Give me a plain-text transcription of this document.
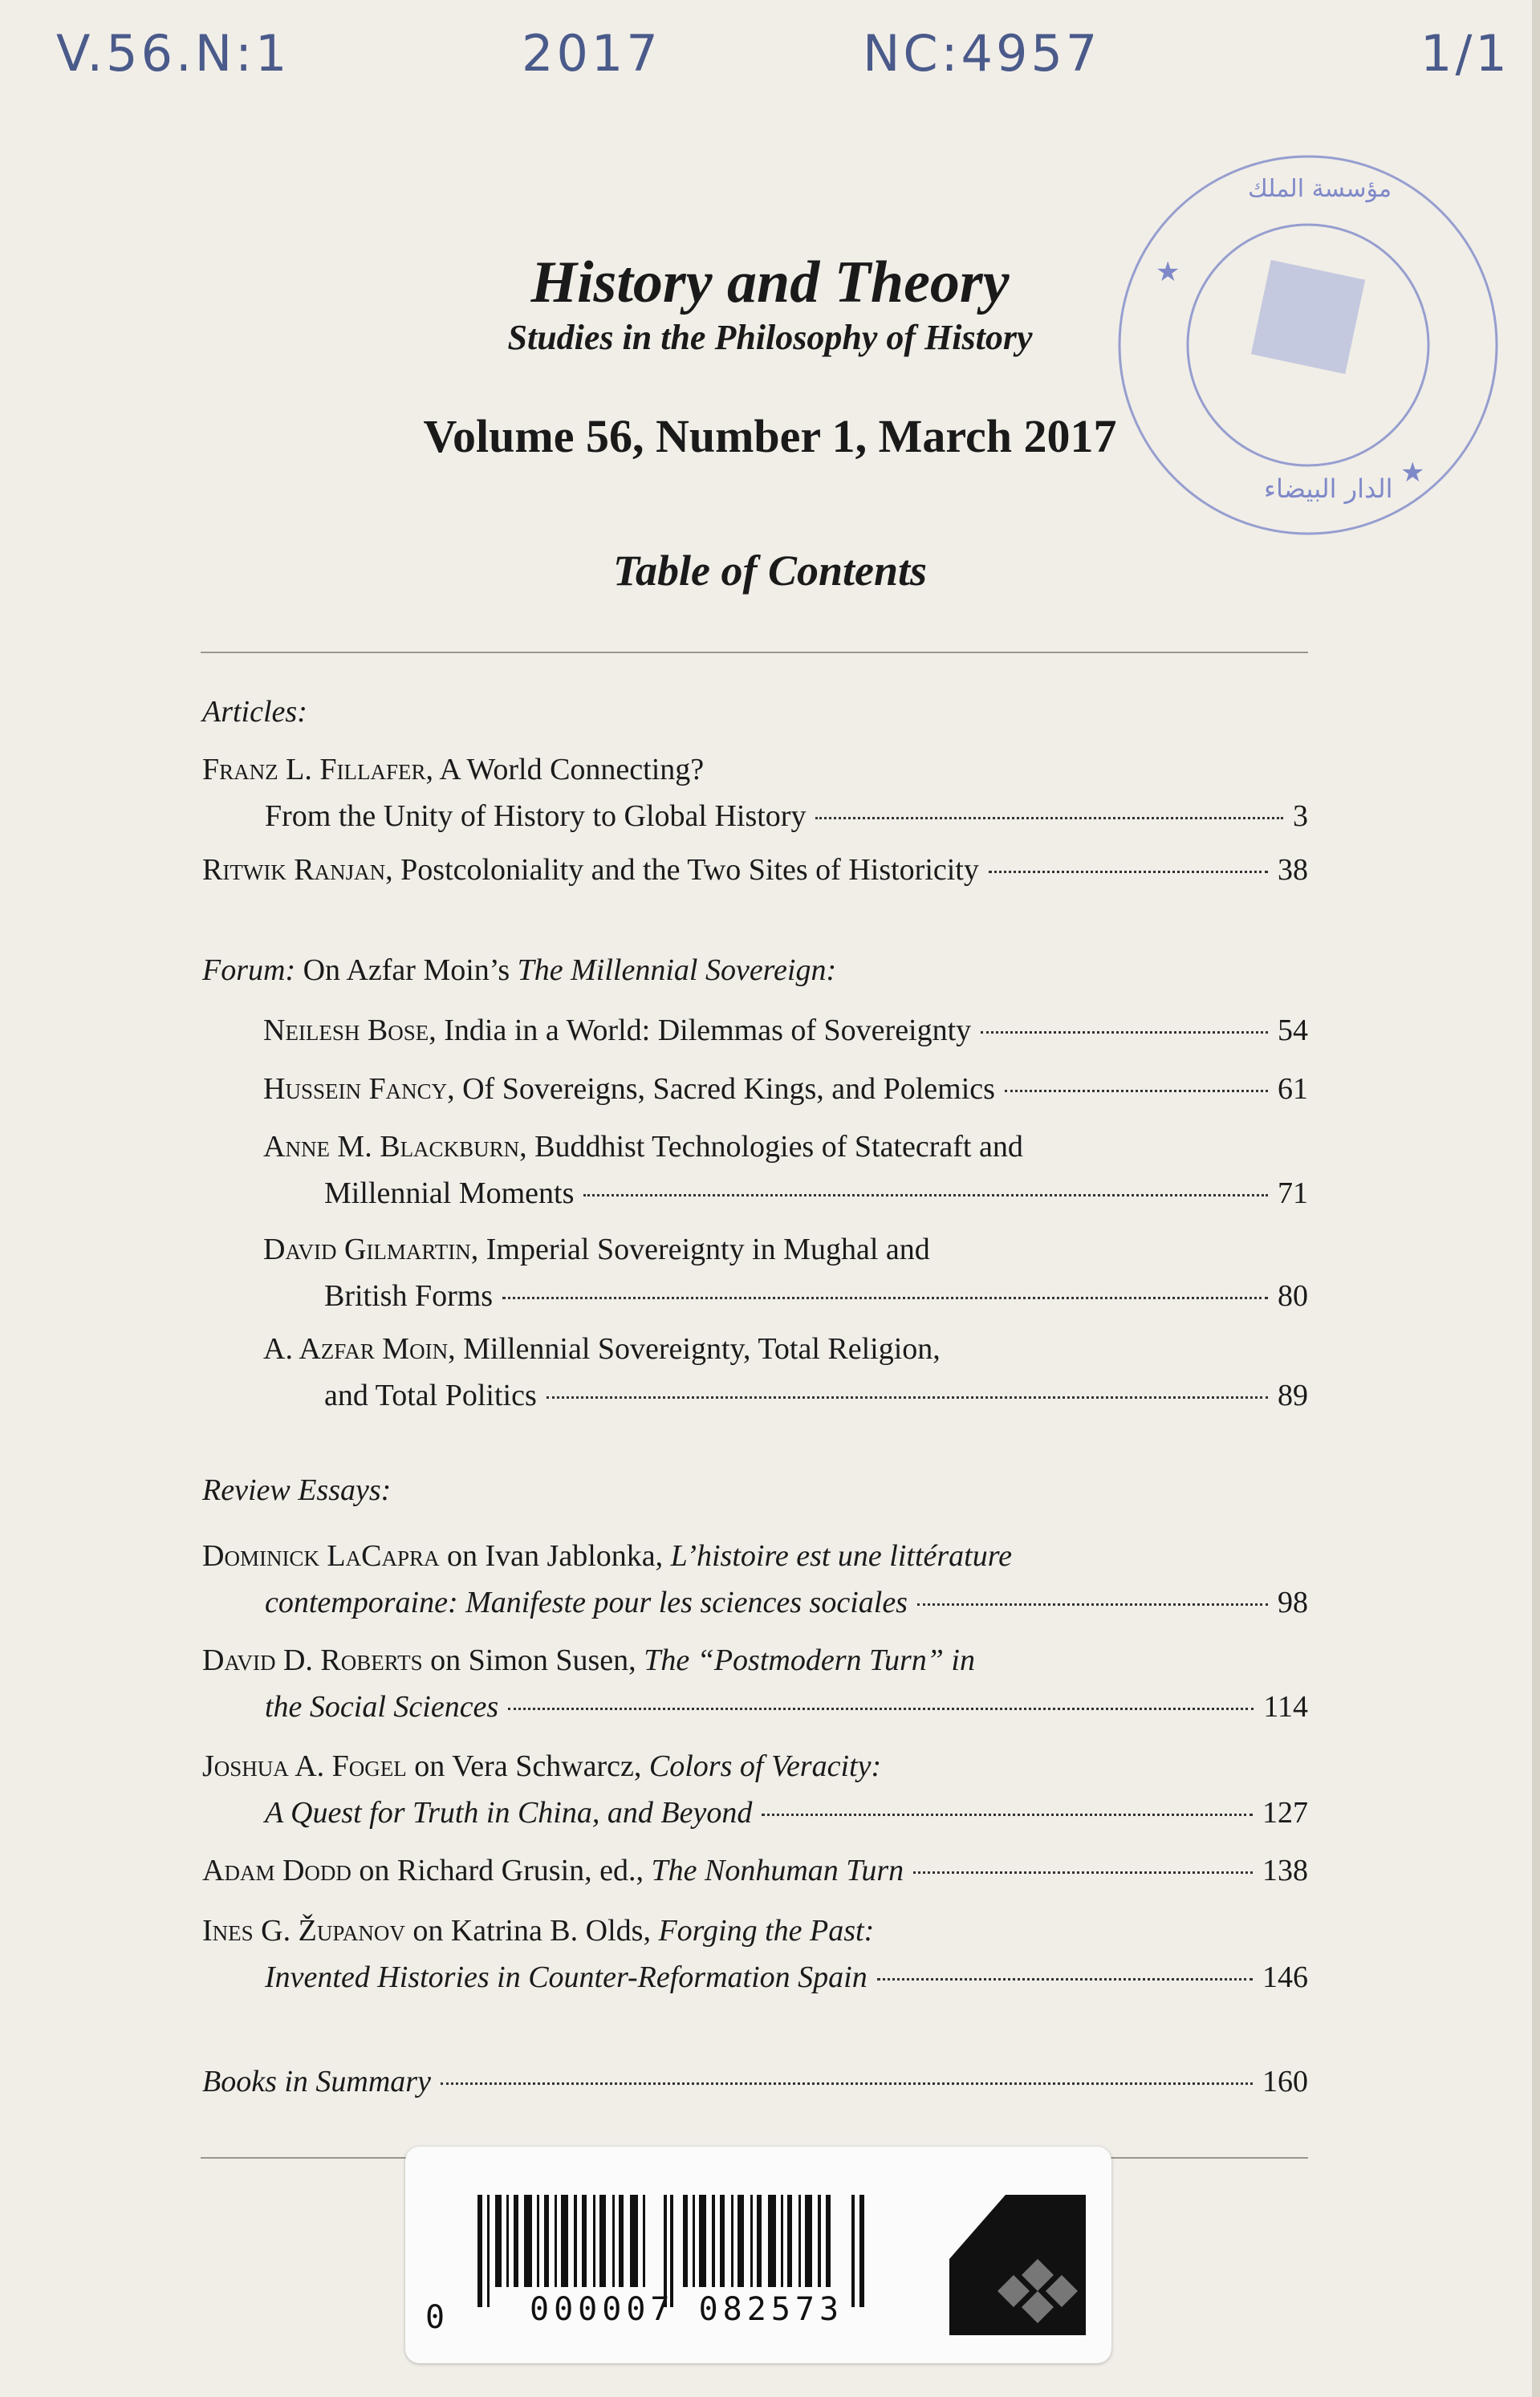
V.56.N:1	2017	NC:4957	1/1
★
★
الدار البيضاء
مؤسسة الملك
History and Theory
Studies in the Philosophy of History
Volume 56, Number 1, March 2017
Table of Contents
Articles:
Franz L. Fillafer, A World Connecting?
From the Unity of History to Global History	3
Ritwik Ranjan, Postcoloniality and the Two Sites of Historicity	38
Forum: On Azfar Moin’s The Millennial Sovereign:
Neilesh Bose, India in a World: Dilemmas of Sovereignty	54
Hussein Fancy, Of Sovereigns, Sacred Kings, and Polemics	61
Anne M. Blackburn, Buddhist Technologies of Statecraft and
Millennial Moments	71
David Gilmartin, Imperial Sovereignty in Mughal and
British Forms	80
A. Azfar Moin, Millennial Sovereignty, Total Religion,
and Total Politics	89
Review Essays:
Dominick LaCapra on Ivan Jablonka, L’histoire est une littérature
contemporaine: Manifeste pour les sciences sociales	98
David D. Roberts on Simon Susen, The “Postmodern Turn” in
the Social Sciences	114
Joshua A. Fogel on Vera Schwarcz, Colors of Veracity:
A Quest for Truth in China, and Beyond	127
Adam Dodd on Richard Grusin, ed., The Nonhuman Turn	138
Ines G. Županov on Katrina B. Olds, Forging the Past:
Invented Histories in Counter-Reformation Spain	146
Books in Summary	160
0	000007 082573
